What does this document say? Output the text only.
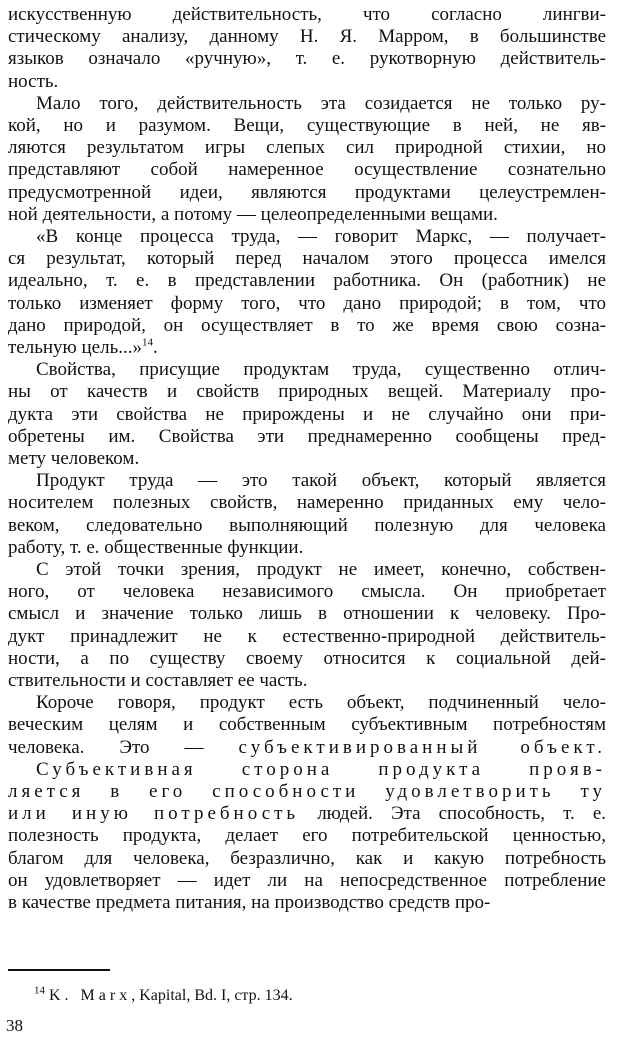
искусственную действительность, что согласно лингви-
стическому анализу, данному Н. Я. Марром, в большинстве
языков означало «ручную», т. е. рукотворную действитель-
ность.
Мало того, действительность эта созидается не только ру-
кой, но и разумом. Вещи, существующие в ней, не яв-
ляются результатом игры слепых сил природной стихии, но
представляют собой намеренное осуществление сознательно
предусмотренной идеи, являются продуктами целеустремлен-
ной деятельности, а потому — целеопределенными вещами.
«В конце процесса труда, — говорит Маркс, — получает-
ся результат, который перед началом этого процесса имелся
идеально, т. е. в представлении работника. Он (работник) не
только изменяет форму того, что дано природой; в том, что
дано природой, он осуществляет в то же время свою созна-
тельную цель...»$^{14}$.
Свойства, присущие продуктам труда, существенно отлич-
ны от качеств и свойств природных вещей. Материалу про-
дукта эти свойства не прирождены и не случайно они при-
обретены им. Свойства эти преднамеренно сообщены пред-
мету человеком.
Продукт труда — это такой объект, который является
носителем полезных свойств, намеренно приданных ему чело-
веком, следовательно выполняющий полезную для человека
работу, т. е. общественные функции.
С этой точки зрения, продукт не имеет, конечно, собствен-
ного, от человека независимого смысла. Он приобретает
смысл и значение только лишь в отношении к человеку. Про-
дукт принадлежит не к естественно-природной действитель-
ности, а по существу своему относится к социальной дей-
ствительности и составляет ее часть.
Короче говоря, продукт есть объект, подчиненный чело-
веческим целям и собственным субъективным потребностям
человека. Это — субъективированный объект.
Субъективная сторона продукта прояв-
ляется в его способности удовлетворить ту
или иную потребность людей. Эта способность, т. е.
полезность продукта, делает его потребительской ценностью,
благом для человека, безразлично, как и какую потребность
он удовлетворяет — идет ли на непосредственное потребление
в качестве предмета питания, на производство средств про-
$^{14}$ K. Marx, Kapital, Bd. I, стр. 134.
38
